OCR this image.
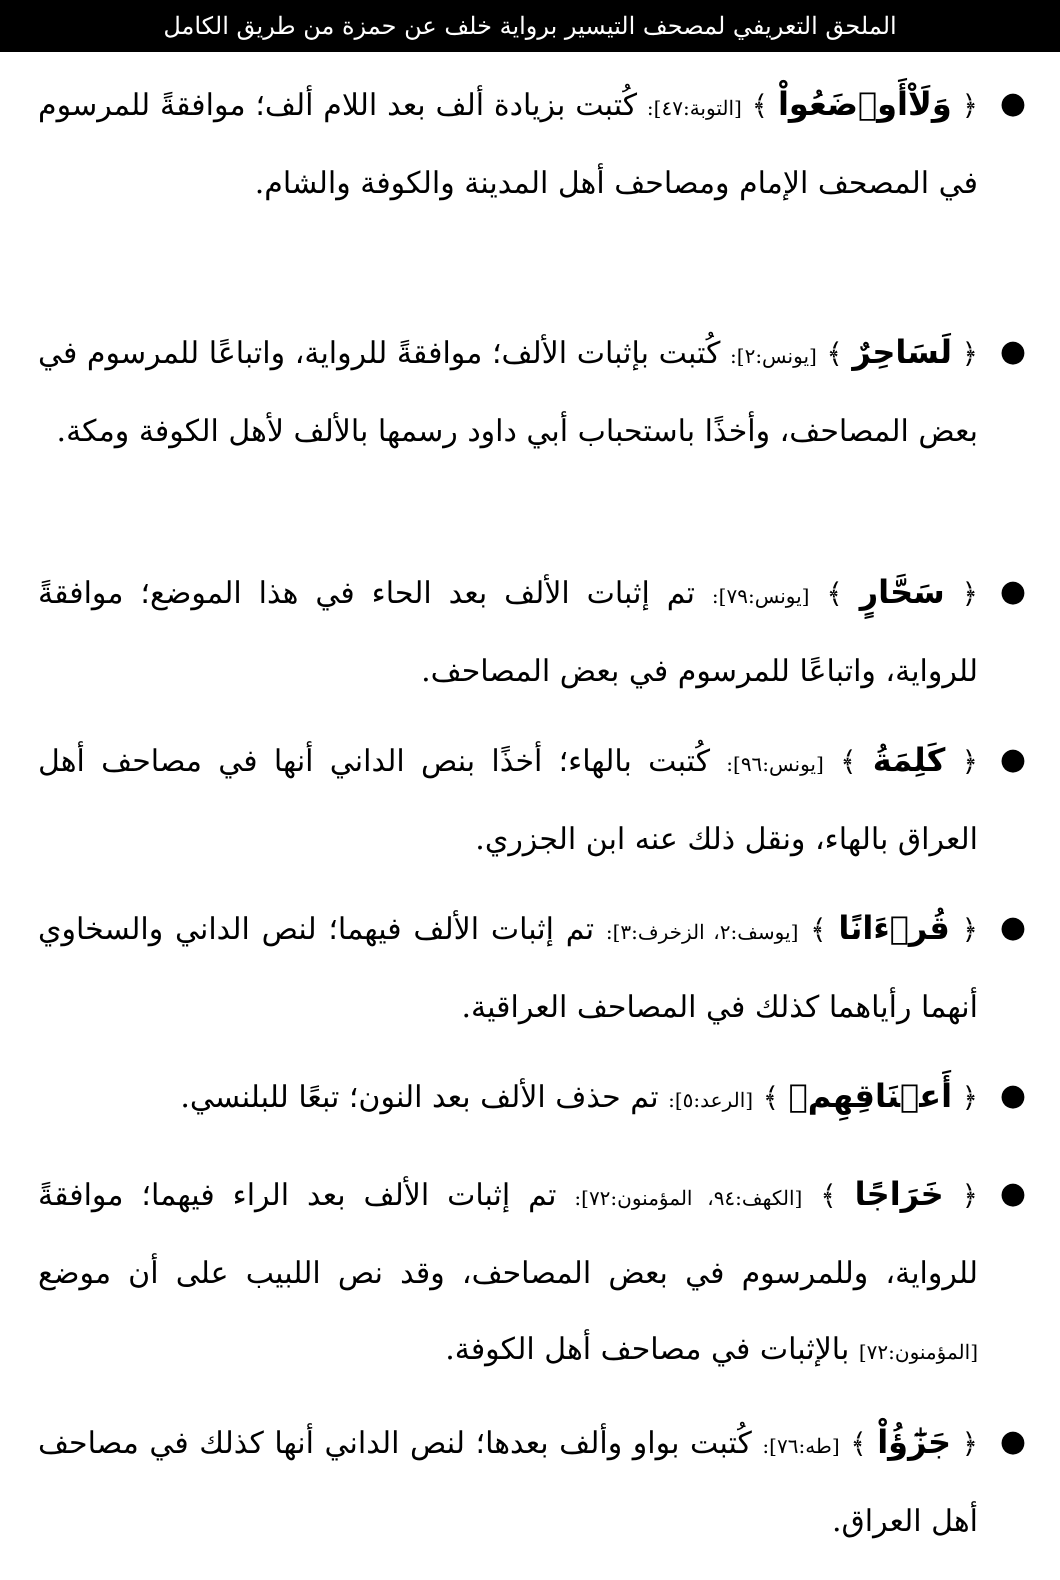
الملحق التعريفي لمصحف التيسير برواية خلف عن حمزة من طريق الكامل
●
﴿ وَلَاْأَوۡضَعُواْ ﴾ [التوبة:٤٧]: كُتبت بزيادة ألف بعد اللام ألف؛ موافقةً للمرسوم في المصحف الإمام ومصاحف أهل المدينة والكوفة والشام.
●
﴿ لَسَاحِرٌ ﴾ [يونس:٢]: كُتبت بإثبات الألف؛ موافقةً للرواية، واتباعًا للمرسوم في بعض المصاحف، وأخذًا باستحباب أبي داود رسمها بالألف لأهل الكوفة ومكة.
●
﴿ سَحَّارٍ ﴾ [يونس:٧٩]: تم إثبات الألف بعد الحاء في هذا الموضع؛ موافقةً للرواية، واتباعًا للمرسوم في بعض المصاحف.
●
﴿ كَلِمَةُ ﴾ [يونس:٩٦]: كُتبت بالهاء؛ أخذًا بنص الداني أنها في مصاحف أهل العراق بالهاء، ونقل ذلك عنه ابن الجزري.
●
﴿ قُرۡءَانًا ﴾ [يوسف:٢، الزخرف:٣]: تم إثبات الألف فيهما؛ لنص الداني والسخاوي أنهما رأياهما كذلك في المصاحف العراقية.
●
﴿ أَعۡنَاقِهِمۡ ﴾ [الرعد:٥]: تم حذف الألف بعد النون؛ تبعًا للبلنسي.
●
﴿ خَرَاجًا ﴾ [الكهف:٩٤، المؤمنون:٧٢]: تم إثبات الألف بعد الراء فيهما؛ موافقةً للرواية، وللمرسوم في بعض المصاحف، وقد نص اللبيب على أن موضع [المؤمنون:٧٢] بالإثبات في مصاحف أهل الكوفة.
●
﴿ جَزَٰٓؤُاْ ﴾ [طه:٧٦]: كُتبت بواو وألف بعدها؛ لنص الداني أنها كذلك في مصاحف أهل العراق.
